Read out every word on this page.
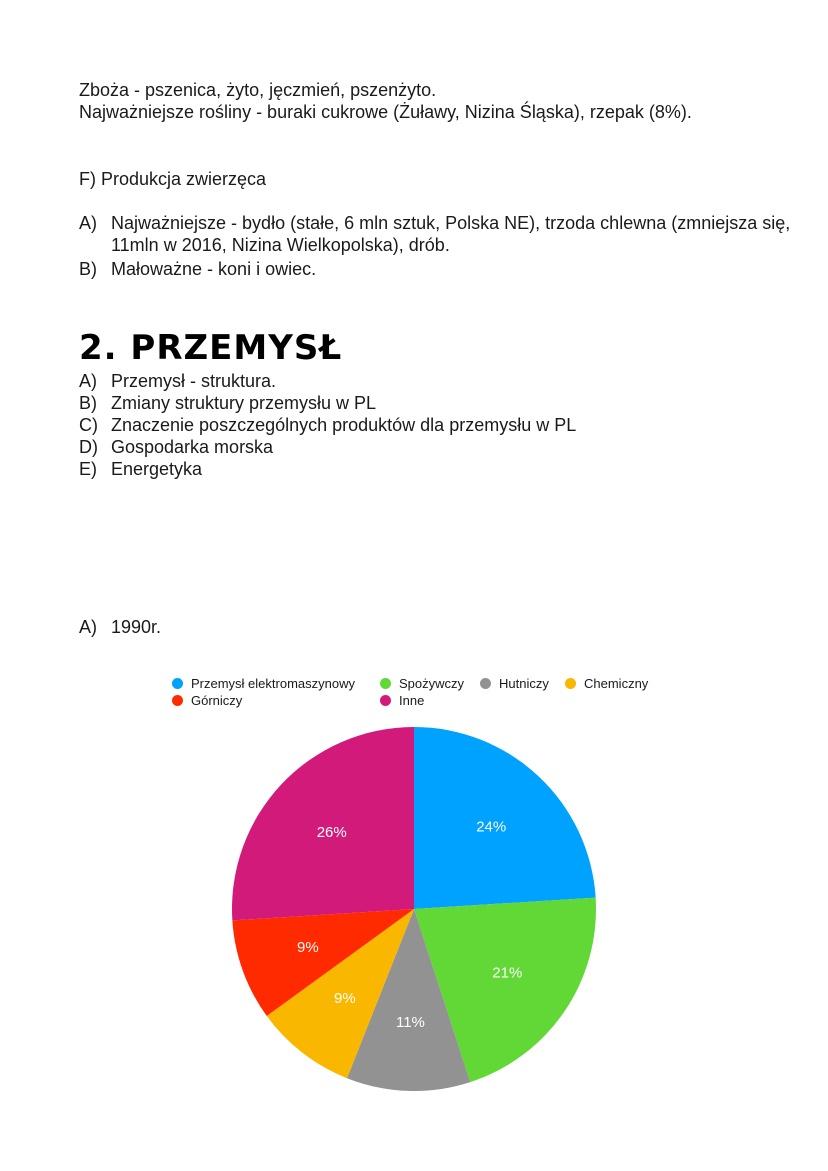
Zboża - pszenica, żyto, jęczmień, pszenżyto.
Najważniejsze rośliny - buraki cukrowe (Żuławy, Nizina Śląska), rzepak (8%).
F) Produkcja zwierzęca
A) Najważniejsze - bydło (stałe, 6 mln sztuk, Polska NE), trzoda chlewna (zmniejsza się, 11mln w 2016, Nizina Wielkopolska), drób.
B) Małoważne - koni i owiec.
2. PRZEMYSŁ
A) Przemysł - struktura.
B) Zmiany struktury przemysłu w PL
C) Znaczenie poszczególnych produktów dla przemysłu w PL
D) Gospodarka morska
E) Energetyka
A) 1990r.
Przemysł elektromaszynowy	Spożywczy	Hutniczy	Chemiczny
Górniczy	Inne
24%
21%
11%
9%
9%
26%
